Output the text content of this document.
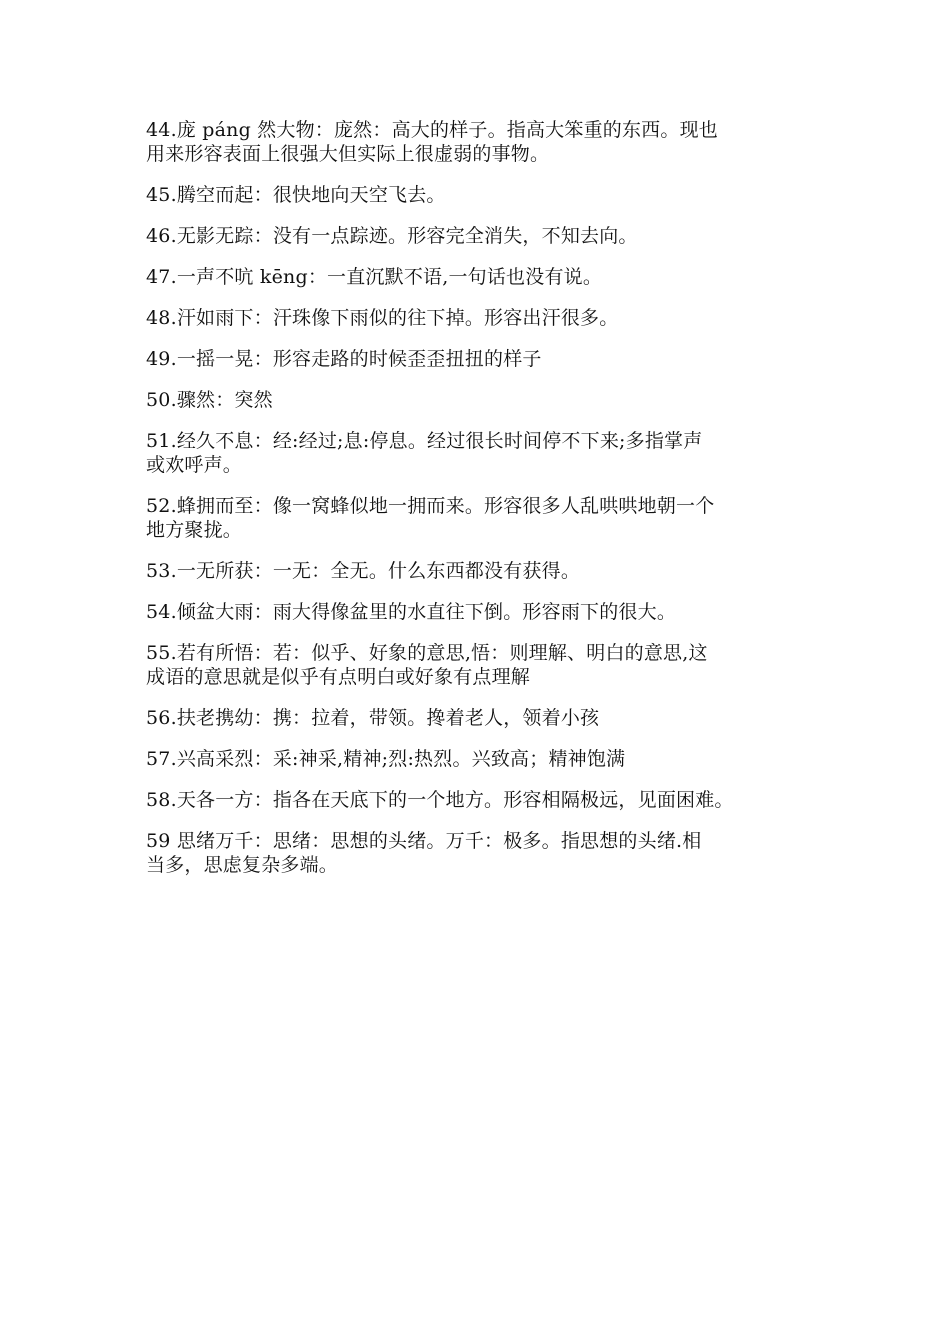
44.庞 páng 然大物：庞然：高大的样子。指高大笨重的东西。现也
用来形容表面上很强大但实际上很虚弱的事物。
45.腾空而起：很快地向天空飞去。
46.无影无踪：没有一点踪迹。形容完全消失，不知去向。
47.一声不吭 kēng：一直沉默不语,一句话也没有说。
48.汗如雨下：汗珠像下雨似的往下掉。形容出汗很多。
49.一摇一晃：形容走路的时候歪歪扭扭的样子
50.骤然：突然
51.经久不息：经:经过;息:停息。经过很长时间停不下来;多指掌声
或欢呼声。
52.蜂拥而至：像一窝蜂似地一拥而来。形容很多人乱哄哄地朝一个
地方聚拢。
53.一无所获：一无：全无。什么东西都没有获得。
54.倾盆大雨：雨大得像盆里的水直往下倒。形容雨下的很大。
55.若有所悟：若：似乎、好象的意思,悟：则理解、明白的意思,这
成语的意思就是似乎有点明白或好象有点理解
56.扶老携幼：携：拉着，带领。搀着老人，领着小孩
57.兴高采烈：采:神采,精神;烈:热烈。兴致高；精神饱满
58.天各一方：指各在天底下的一个地方。形容相隔极远，见面困难。
59 思绪万千：思绪：思想的头绪。万千：极多。指思想的头绪.相
当多，思虑复杂多端。
